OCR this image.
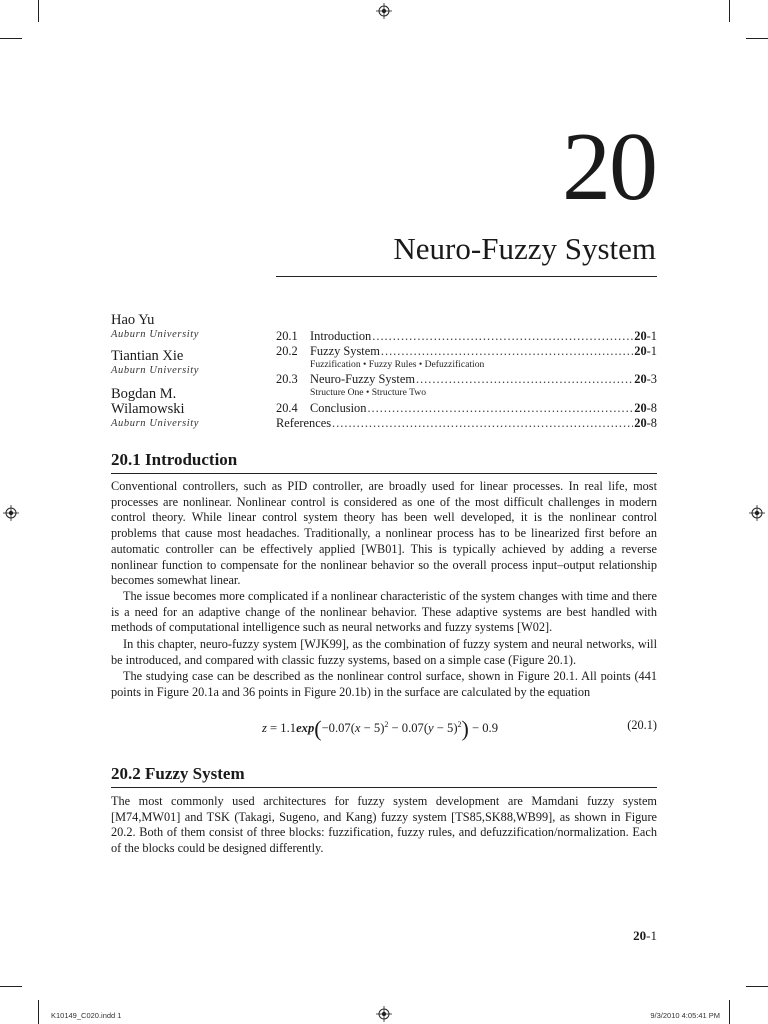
20
Neuro-Fuzzy System
Hao Yu
Auburn University
Tiantian Xie
Auburn University
Bogdan M.
Wilamowski
Auburn University
20.1 Introduction .....	20-1
20.2 Fuzzy System .....	20-1
Fuzzification • Fuzzy Rules • Defuzzification
20.3 Neuro-Fuzzy System .....	20-3
Structure One • Structure Two
20.4 Conclusion .....	20-8
References .....	20-8
20.1 Introduction

Conventional controllers, such as PID controller, are broadly used for linear processes. In real life, most processes are nonlinear. Nonlinear control is considered as one of the most difficult challenges in modern control theory. While linear control system theory has been well developed, it is the nonlinear control problems that cause most headaches. Traditionally, a nonlinear process has to be linearized first before an automatic controller can be effectively applied [WB01]. This is typically achieved by adding a reverse nonlinear function to compensate for the nonlinear behavior so the overall process input–output relationship becomes somewhat linear.

The issue becomes more complicated if a nonlinear characteristic of the system changes with time and there is a need for an adaptive change of the nonlinear behavior. These adaptive systems are best handled with methods of computational intelligence such as neural networks and fuzzy systems [W02].

In this chapter, neuro-fuzzy system [WJK99], as the combination of fuzzy system and neural networks, will be introduced, and compared with classic fuzzy systems, based on a simple case (Figure 20.1).

The studying case can be described as the nonlinear control surface, shown in Figure 20.1. All points (441 points in Figure 20.1a and 36 points in Figure 20.1b) in the surface are calculated by the equation

$z = 1.1\exp(-0.07(x - 5)^2 - 0.07(y - 5)^2) - 0.9$	(20.1)
20.2 Fuzzy System

The most commonly used architectures for fuzzy system development are Mamdani fuzzy system [M74,MW01] and TSK (Takagi, Sugeno, and Kang) fuzzy system [TS85,SK88,WB99], as shown in Figure 20.2. Both of them consist of three blocks: fuzzification, fuzzy rules, and defuzzification/normalization. Each of the blocks could be designed differently.

20-1
K10149_C020.indd 1	9/3/2010 4:05:41 PM
